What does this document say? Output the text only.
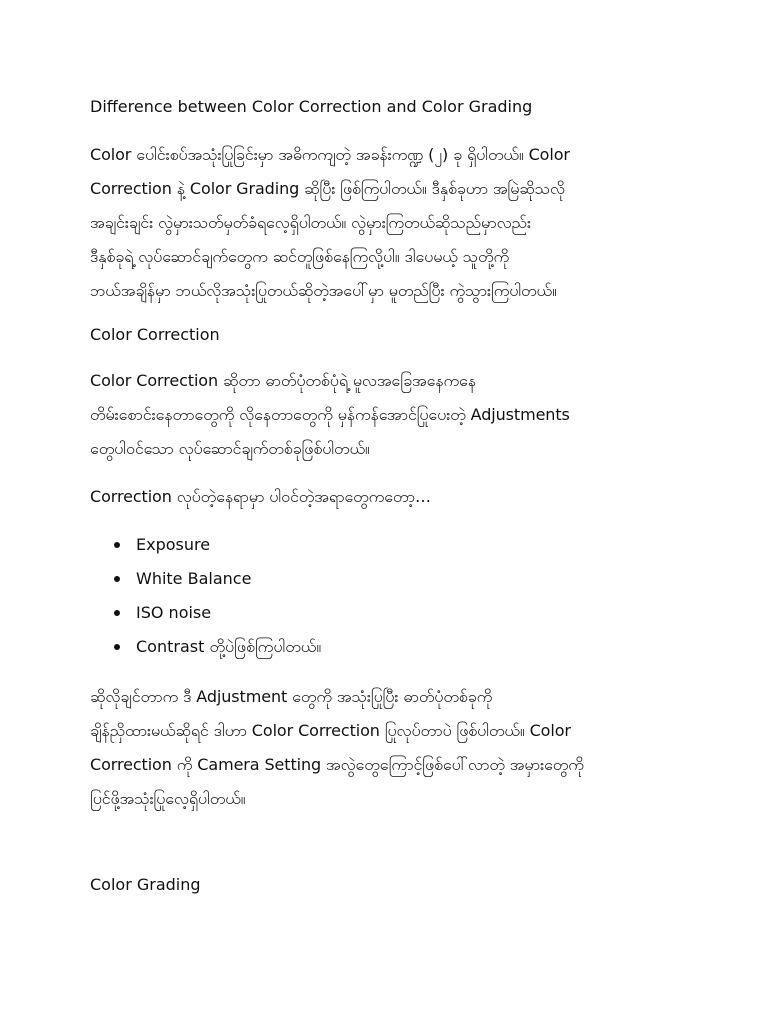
Difference between Color Correction and Color Grading
Color ပေါင်းစပ်အသုံးပြုခြင်းမှာ အဓိကကျတဲ့ အခန်းကဏ္ဍ (၂) ခု ရှိပါတယ်။ Color
Correction နဲ့ Color Grading ဆိုပြီး ဖြစ်ကြပါတယ်။ ဒီနှစ်ခုဟာ အမြဲဆိုသလို
အချင်းချင်း လွဲမှားသတ်မှတ်ခံရလေ့ရှိပါတယ်။ လွဲမှားကြတယ်ဆိုသည်မှာလည်း
ဒီနှစ်ခုရဲ့ လုပ်ဆောင်ချက်တွေက ဆင်တူဖြစ်နေကြလို့ပါ။ ဒါပေမယ့် သူတို့ကို
ဘယ်အချိန်မှာ ဘယ်လိုအသုံးပြုတယ်ဆိုတဲ့အပေါ်မှာ မူတည်ပြီး ကွဲသွားကြပါတယ်။
Color Correction
Color Correction ဆိုတာ ဓာတ်ပုံတစ်ပုံရဲ့ မူလအခြေအနေကနေ
တိမ်းစောင်းနေတာတွေကို လိုနေတာတွေကို မှန်ကန်အောင်ပြုပေးတဲ့ Adjustments
တွေပါဝင်သော လုပ်ဆောင်ချက်တစ်ခုဖြစ်ပါတယ်။
Correction လုပ်တဲ့နေရာမှာ ပါဝင်တဲ့အရာတွေကတော့…
Exposure
White Balance
ISO noise
Contrast တို့ပဲဖြစ်ကြပါတယ်။
ဆိုလိုချင်တာက ဒီ Adjustment တွေကို အသုံးပြုပြီး ဓာတ်ပုံတစ်ခုကို
ချိန်ညှိထားမယ်ဆိုရင် ဒါဟာ Color Correction ပြုလုပ်တာပဲ ဖြစ်ပါတယ်။ Color
Correction ကို Camera Setting အလွဲတွေကြောင့်ဖြစ်ပေါ်လာတဲ့ အမှားတွေကို
ပြင်ဖို့အသုံးပြုလေ့ရှိပါတယ်။
Color Grading
